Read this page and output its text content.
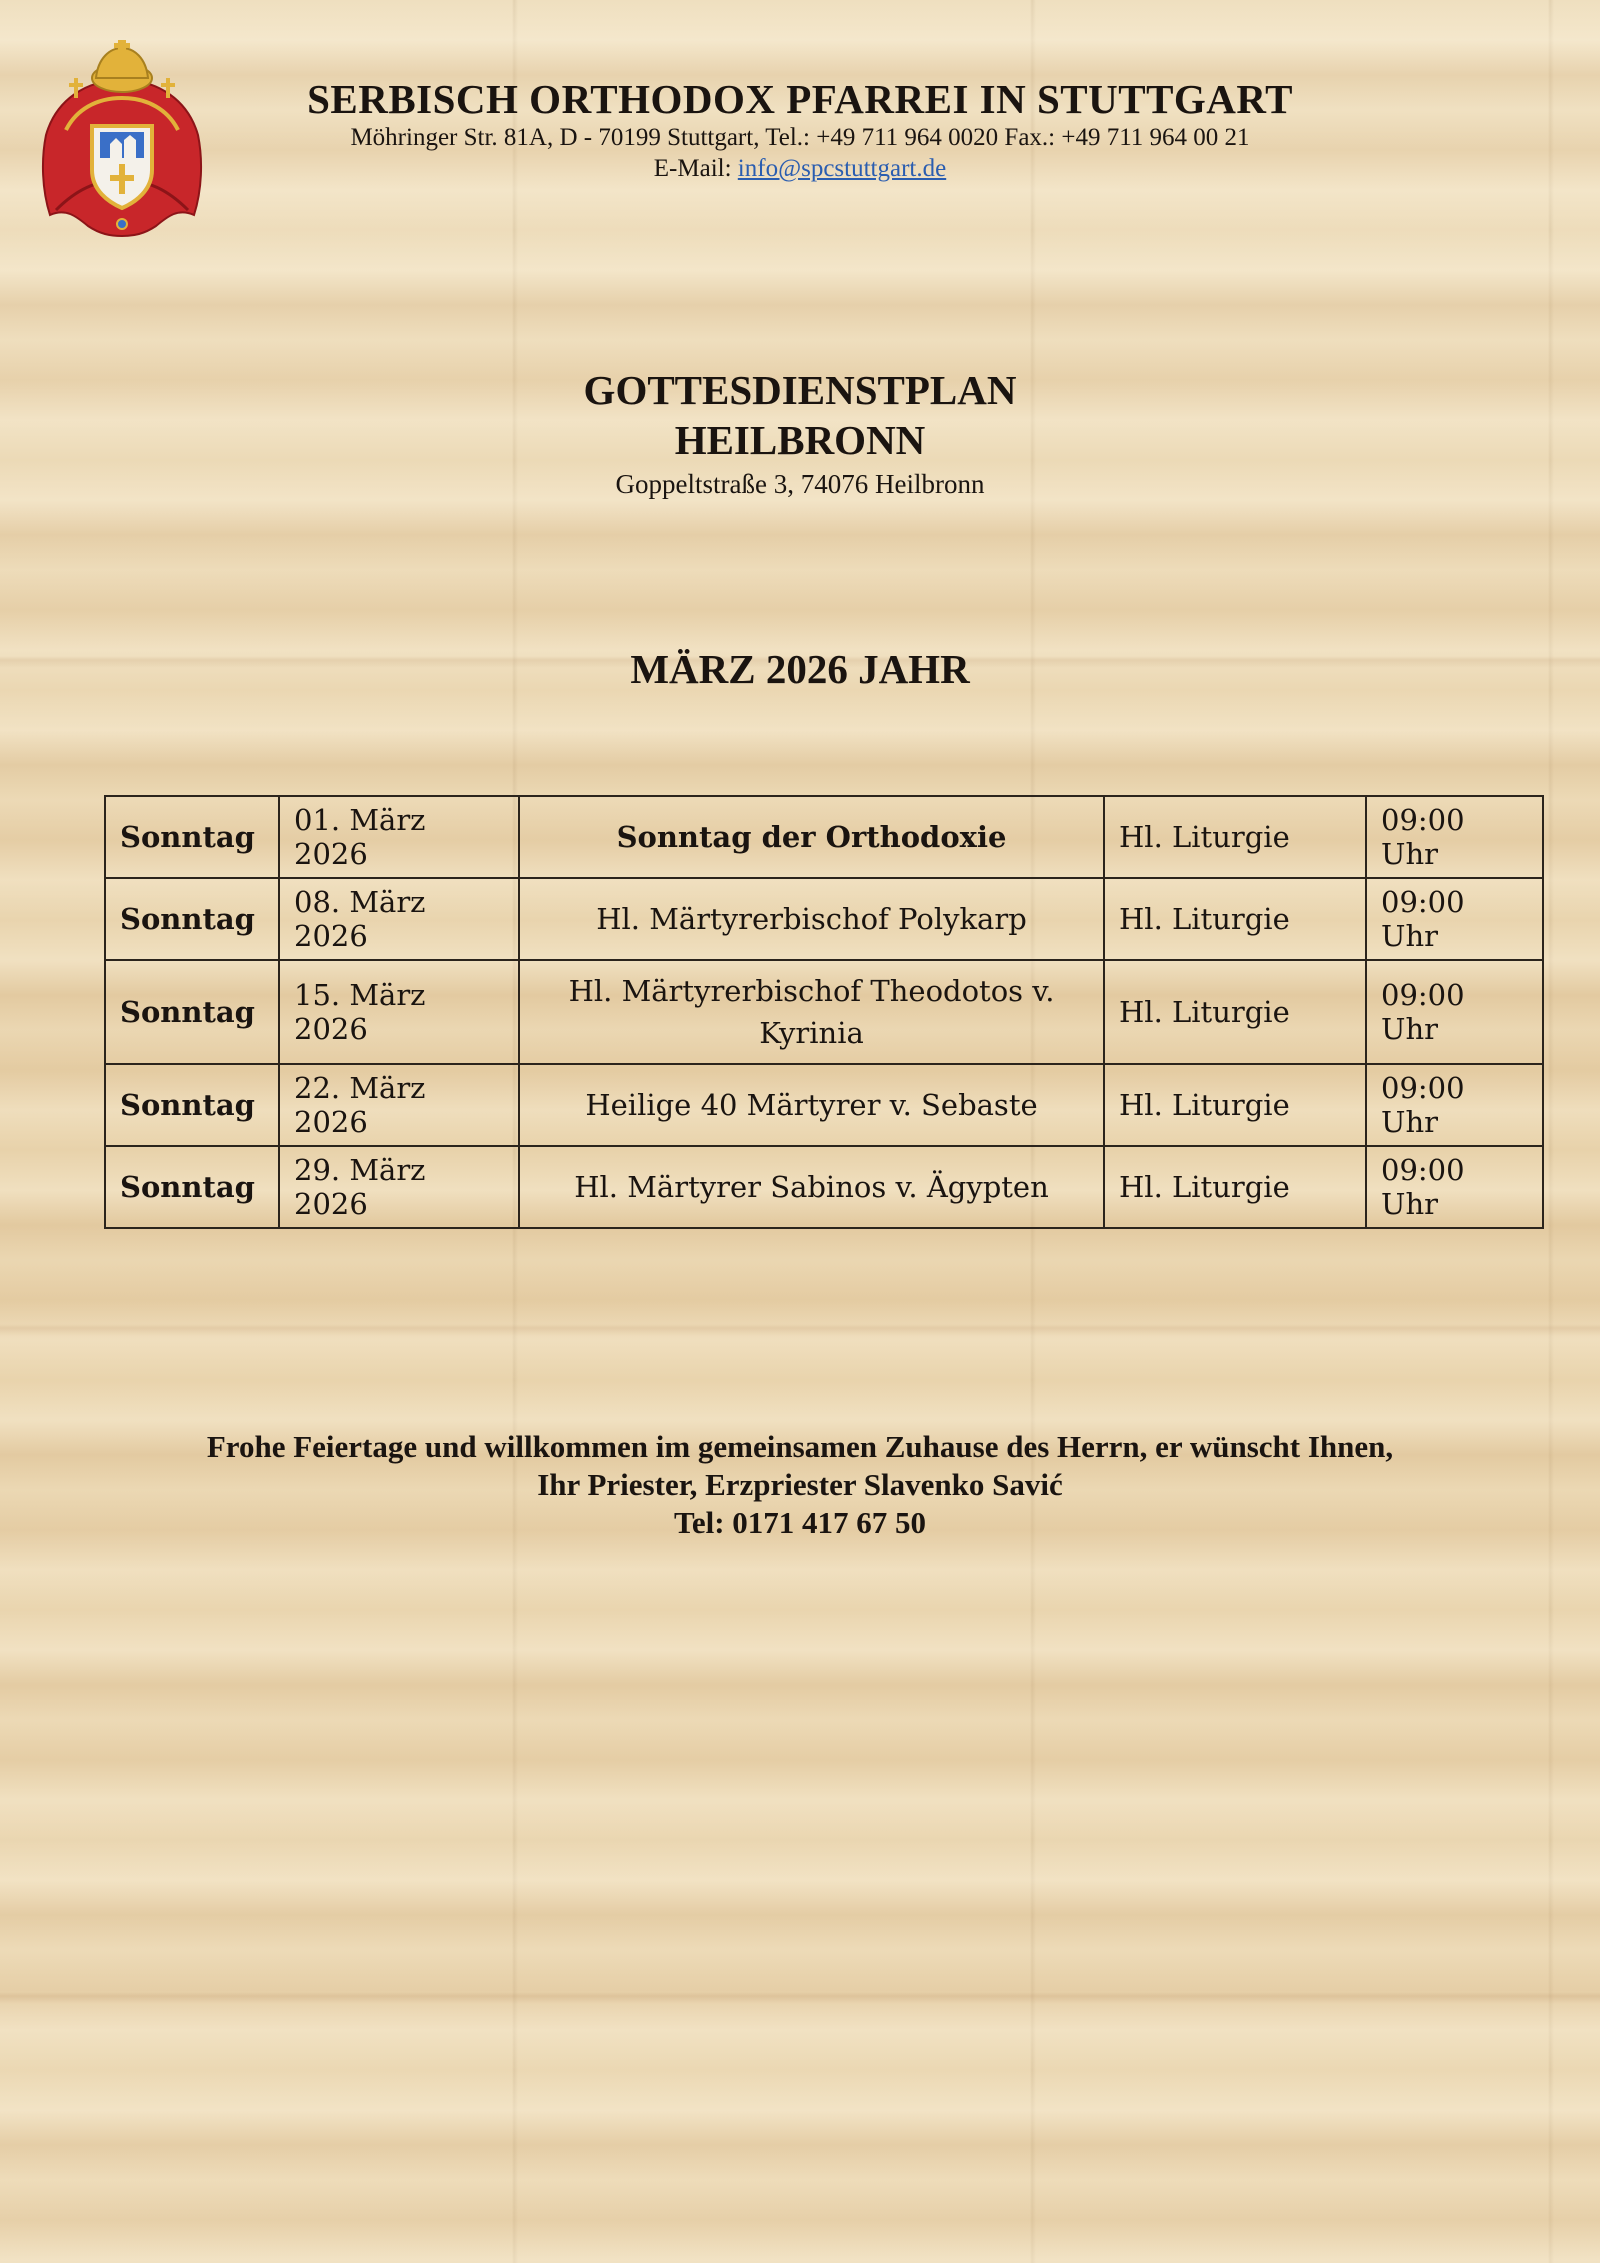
SERBISCH ORTHODOX PFARREI IN STUTTGART
Möhringer Str. 81A, D - 70199 Stuttgart, Tel.: +49 711 964 0020 Fax.: +49 711 964 00 21
E-Mail: info@spcstuttgart.de
GOTTESDIENSTPLAN
HEILBRONN
Goppeltstraße 3, 74076 Heilbronn
MÄRZ 2026 JAHR
Sonntag	01. März 2026	Sonntag der Orthodoxie	Hl. Liturgie	09:00 Uhr
Sonntag	08. März 2026	Hl. Märtyrerbischof Polykarp	Hl. Liturgie	09:00 Uhr
Sonntag	15. März 2026	Hl. Märtyrerbischof Theodotos v. Kyrinia	Hl. Liturgie	09:00 Uhr
Sonntag	22. März 2026	Heilige 40 Märtyrer v. Sebaste	Hl. Liturgie	09:00 Uhr
Sonntag	29. März 2026	Hl. Märtyrer Sabinos v. Ägypten	Hl. Liturgie	09:00 Uhr
Frohe Feiertage und willkommen im gemeinsamen Zuhause des Herrn, er wünscht Ihnen,
Ihr Priester, Erzpriester Slavenko Savić
Tel: 0171 417 67 50
